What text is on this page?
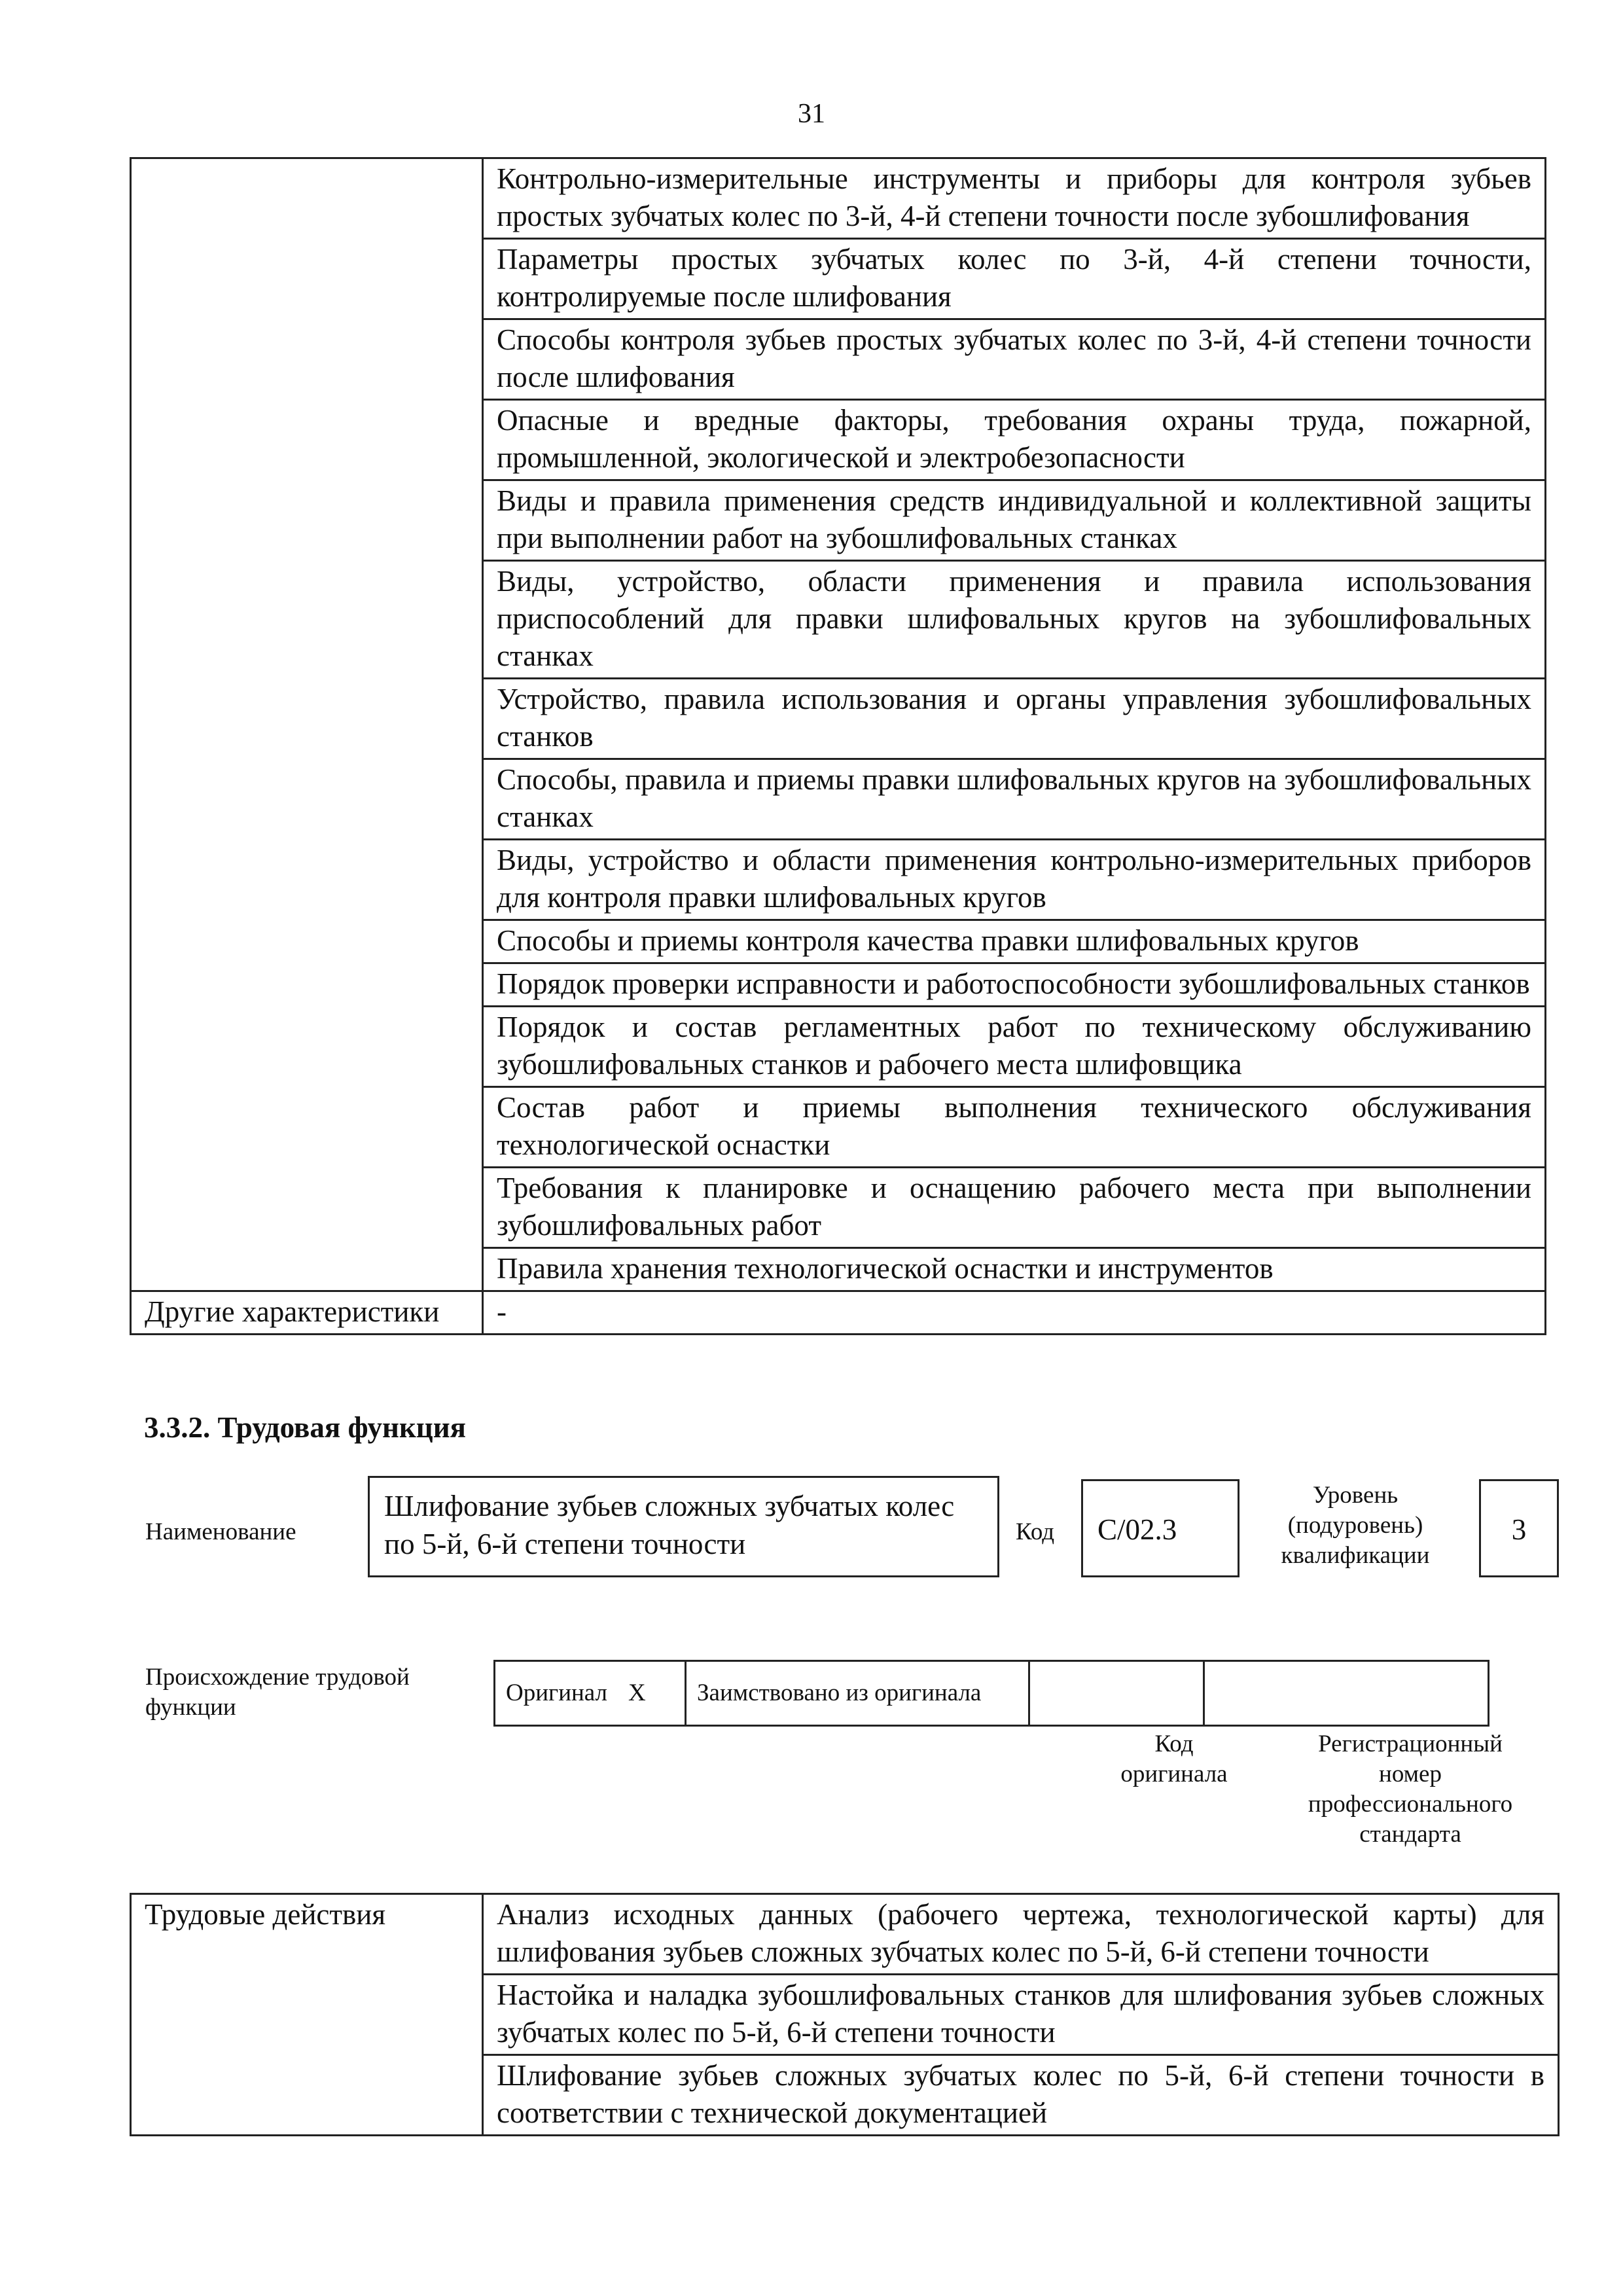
31
	Контрольно-измерительные инструменты и приборы для контроля зубьев простых зубчатых колес по 3-й, 4-й степени точности после зубошлифования
	Параметры простых зубчатых колес по 3-й, 4-й степени точности, контролируемые после шлифования
	Способы контроля зубьев простых зубчатых колес по 3-й, 4-й степени точности после шлифования
	Опасные и вредные факторы, требования охраны труда, пожарной, промышленной, экологической и электробезопасности
	Виды и правила применения средств индивидуальной и коллективной защиты при выполнении работ на зубошлифовальных станках
	Виды, устройство, области применения и правила использования приспособлений для правки шлифовальных кругов на зубошлифовальных станках
	Устройство, правила использования и органы управления зубошлифовальных станков
	Способы, правила и приемы правки шлифовальных кругов на зубошлифовальных станках
	Виды, устройство и области применения контрольно-измерительных приборов для контроля правки шлифовальных кругов
	Способы и приемы контроля качества правки шлифовальных кругов
	Порядок проверки исправности и работоспособности зубошлифовальных станков
	Порядок и состав регламентных работ по техническому обслуживанию зубошлифовальных станков и рабочего места шлифовщика
	Состав работ и приемы выполнения технического обслуживания технологической оснастки
	Требования к планировке и оснащению рабочего места при выполнении зубошлифовальных работ
	Правила хранения технологической оснастки и инструментов
Другие характеристики	-
3.3.2. Трудовая функция
Наименование
Шлифование зубьев сложных зубчатых колес по 5-й, 6-й степени точности	Код	C/02.3
Уровень
(подуровень)
квалификации
3
Происхождение трудовой функции
Оригинал	X	Заимствовано из оригинала		
Код
оригинала
Регистрационный
номер
профессионального
стандарта
Трудовые действия	Анализ исходных данных (рабочего чертежа, технологической карты) для шлифования зубьев сложных зубчатых колес по 5-й, 6-й степени точности
Настойка и наладка зубошлифовальных станков для шлифования зубьев сложных зубчатых колес по 5-й, 6-й степени точности
Шлифование зубьев сложных зубчатых колес по 5-й, 6-й степени точности в соответствии с технической документацией
